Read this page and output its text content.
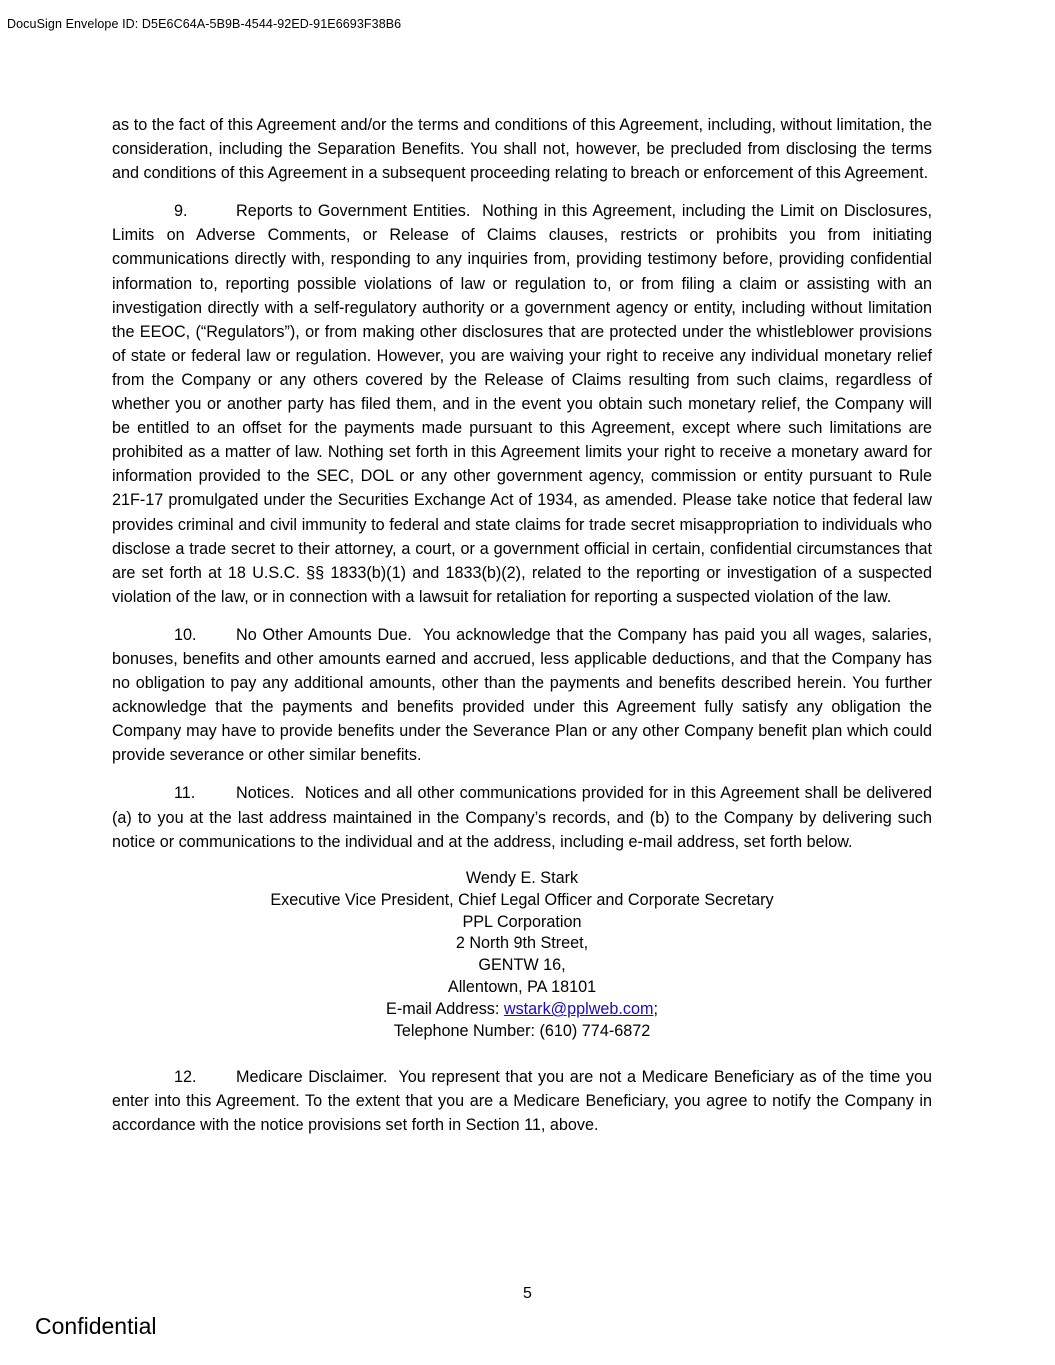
DocuSign Envelope ID: D5E6C64A-5B9B-4544-92ED-91E6693F38B6

as to the fact of this Agreement and/or the terms and conditions of this Agreement, including, without limitation, the consideration, including the Separation Benefits. You shall not, however, be precluded from disclosing the terms and conditions of this Agreement in a subsequent proceeding relating to breach or enforcement of this Agreement.

9.	Reports to Government Entities. Nothing in this Agreement, including the Limit on Disclosures, Limits on Adverse Comments, or Release of Claims clauses, restricts or prohibits you from initiating communications directly with, responding to any inquiries from, providing testimony before, providing confidential information to, reporting possible violations of law or regulation to, or from filing a claim or assisting with an investigation directly with a self-regulatory authority or a government agency or entity, including without limitation the EEOC, (“Regulators”), or from making other disclosures that are protected under the whistleblower provisions of state or federal law or regulation. However, you are waiving your right to receive any individual monetary relief from the Company or any others covered by the Release of Claims resulting from such claims, regardless of whether you or another party has filed them, and in the event you obtain such monetary relief, the Company will be entitled to an offset for the payments made pursuant to this Agreement, except where such limitations are prohibited as a matter of law. Nothing set forth in this Agreement limits your right to receive a monetary award for information provided to the SEC, DOL or any other government agency, commission or entity pursuant to Rule 21F-17 promulgated under the Securities Exchange Act of 1934, as amended. Please take notice that federal law provides criminal and civil immunity to federal and state claims for trade secret misappropriation to individuals who disclose a trade secret to their attorney, a court, or a government official in certain, confidential circumstances that are set forth at 18 U.S.C. §§ 1833(b)(1) and 1833(b)(2), related to the reporting or investigation of a suspected violation of the law, or in connection with a lawsuit for retaliation for reporting a suspected violation of the law.

10. No Other Amounts Due. You acknowledge that the Company has paid you all wages, salaries, bonuses, benefits and other amounts earned and accrued, less applicable deductions, and that the Company has no obligation to pay any additional amounts, other than the payments and benefits described herein. You further acknowledge that the payments and benefits provided under this Agreement fully satisfy any obligation the Company may have to provide benefits under the Severance Plan or any other Company benefit plan which could provide severance or other similar benefits.

11.	Notices. Notices and all other communications provided for in this Agreement shall be delivered (a) to you at the last address maintained in the Company’s records, and (b) to the Company by delivering such notice or communications to the individual and at the address, including e-mail address, set forth below.

Wendy E. Stark
Executive Vice President, Chief Legal Officer and Corporate Secretary
PPL Corporation
2 North 9th Street,
GENTW 16,
Allentown, PA 18101
E-mail Address: wstark@pplweb.com;
Telephone Number: (610) 774-6872

12. Medicare Disclaimer. You represent that you are not a Medicare Beneficiary as of the time you enter into this Agreement. To the extent that you are a Medicare Beneficiary, you agree to notify the Company in accordance with the notice provisions set forth in Section 11, above.

5
Confidential
